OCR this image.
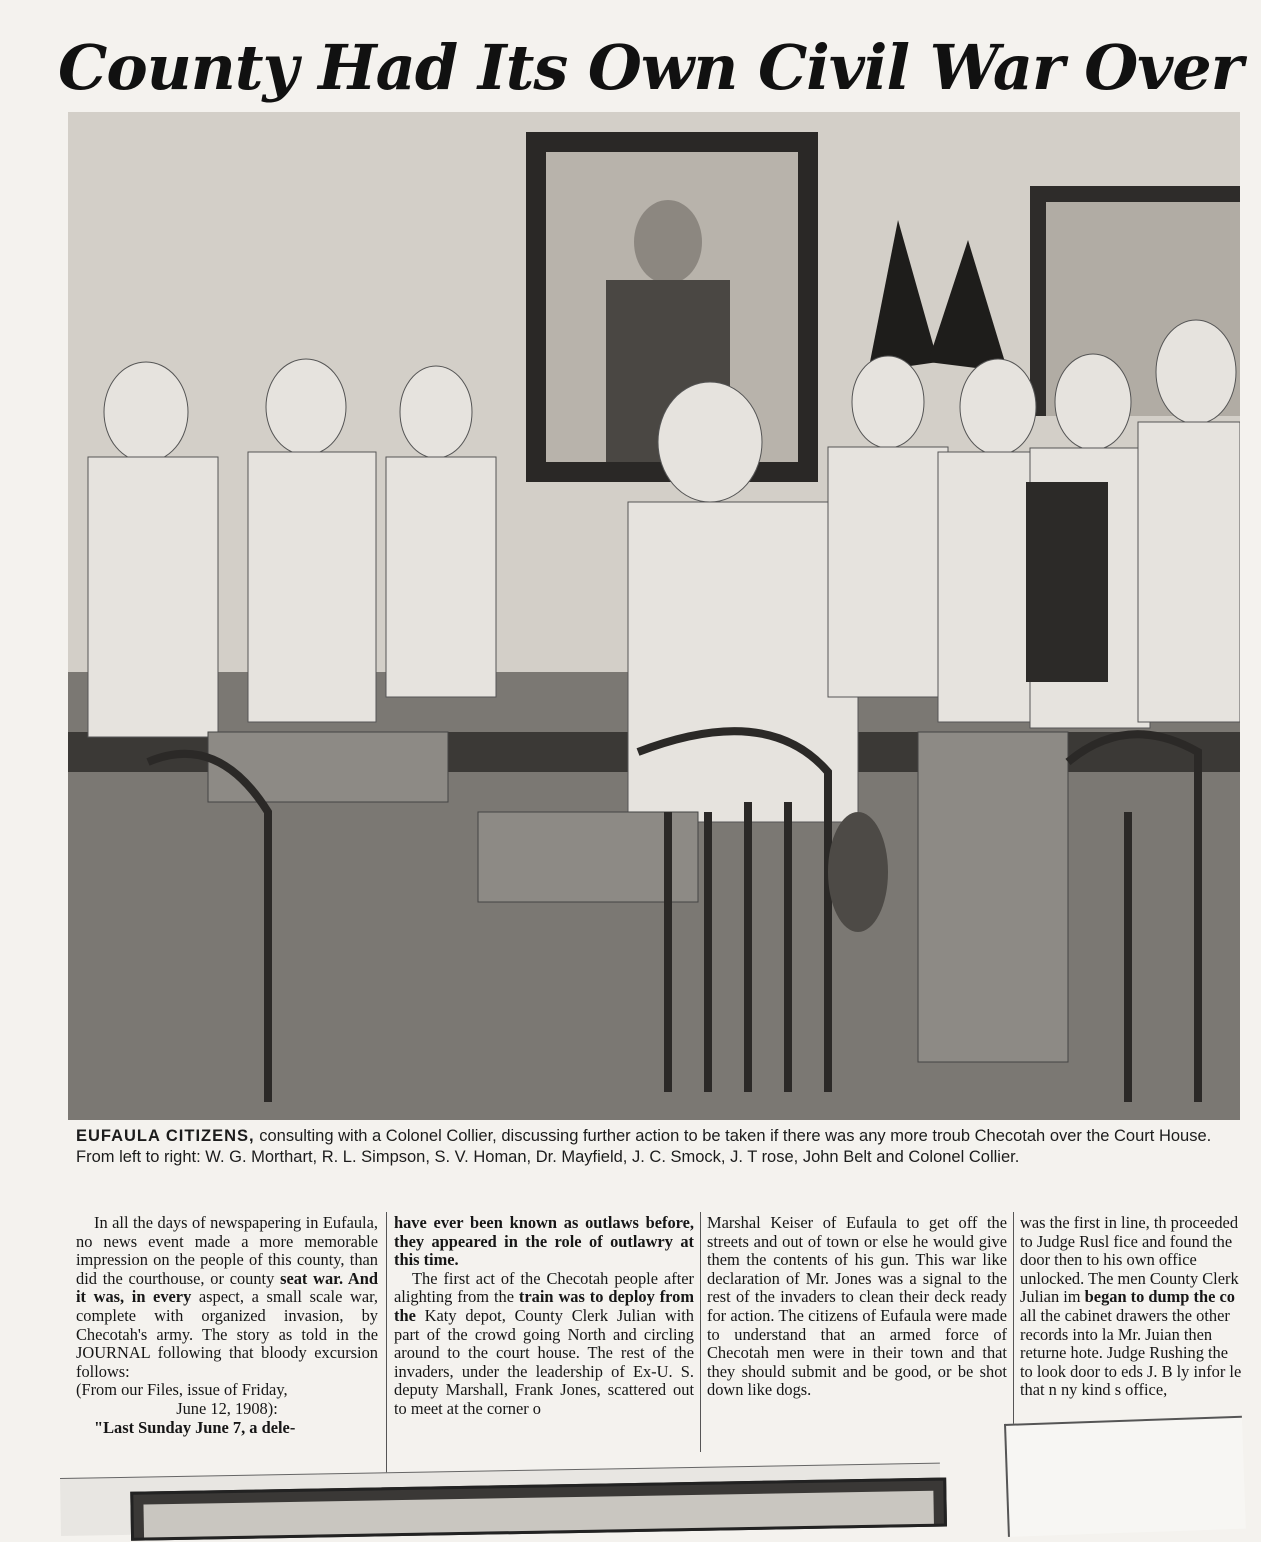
County Had Its Own Civil War Over
EUFAULA CITIZENS, consulting with a Colonel Collier, discussing further action to be taken if there was any more troub Checotah over the Court House. From left to right: W. G. Morthart, R. L. Simpson, S. V. Homan, Dr. Mayfield, J. C. Smock, J. T rose, John Belt and Colonel Collier.

In all the days of newspapering in Eufaula, no news event made a more memorable impression on the people of this county, than did the courthouse, or county seat war. And it was, in every aspect, a small scale war, complete with organized invasion, by Checotah's army. The story as told in the JOURNAL following that bloody excursion follows:

(From our Files, issue of Friday,

June 12, 1908):

"Last Sunday June 7, a dele-

have ever been known as outlaws before, they appeared in the role of outlawry at this time.

The first act of the Checotah people after alighting from the train was to deploy from the Katy depot, County Clerk Julian with part of the crowd going North and circling around to the court house. The rest of the invaders, under the leadership of Ex-U. S. deputy Marshall, Frank Jones, scattered out to meet at the corner o

Marshal Keiser of Eufaula to get off the streets and out of town or else he would give them the contents of his gun. This war like declaration of Mr. Jones was a signal to the rest of the invaders to clean their deck ready for action. The citizens of Eufaula were made to understand that an armed force of Checotah men were in their town and that they should submit and be good, or be shot down like dogs.

was the first in line, th proceeded to Judge Rusl fice and found the door then to his own office unlocked. The men County Clerk Julian im began to dump the co all the cabinet drawers the other records into la Mr. Juian then returne hote. Judge Rushing the to look door to eds J. B ly infor le that n ny kind s office,
